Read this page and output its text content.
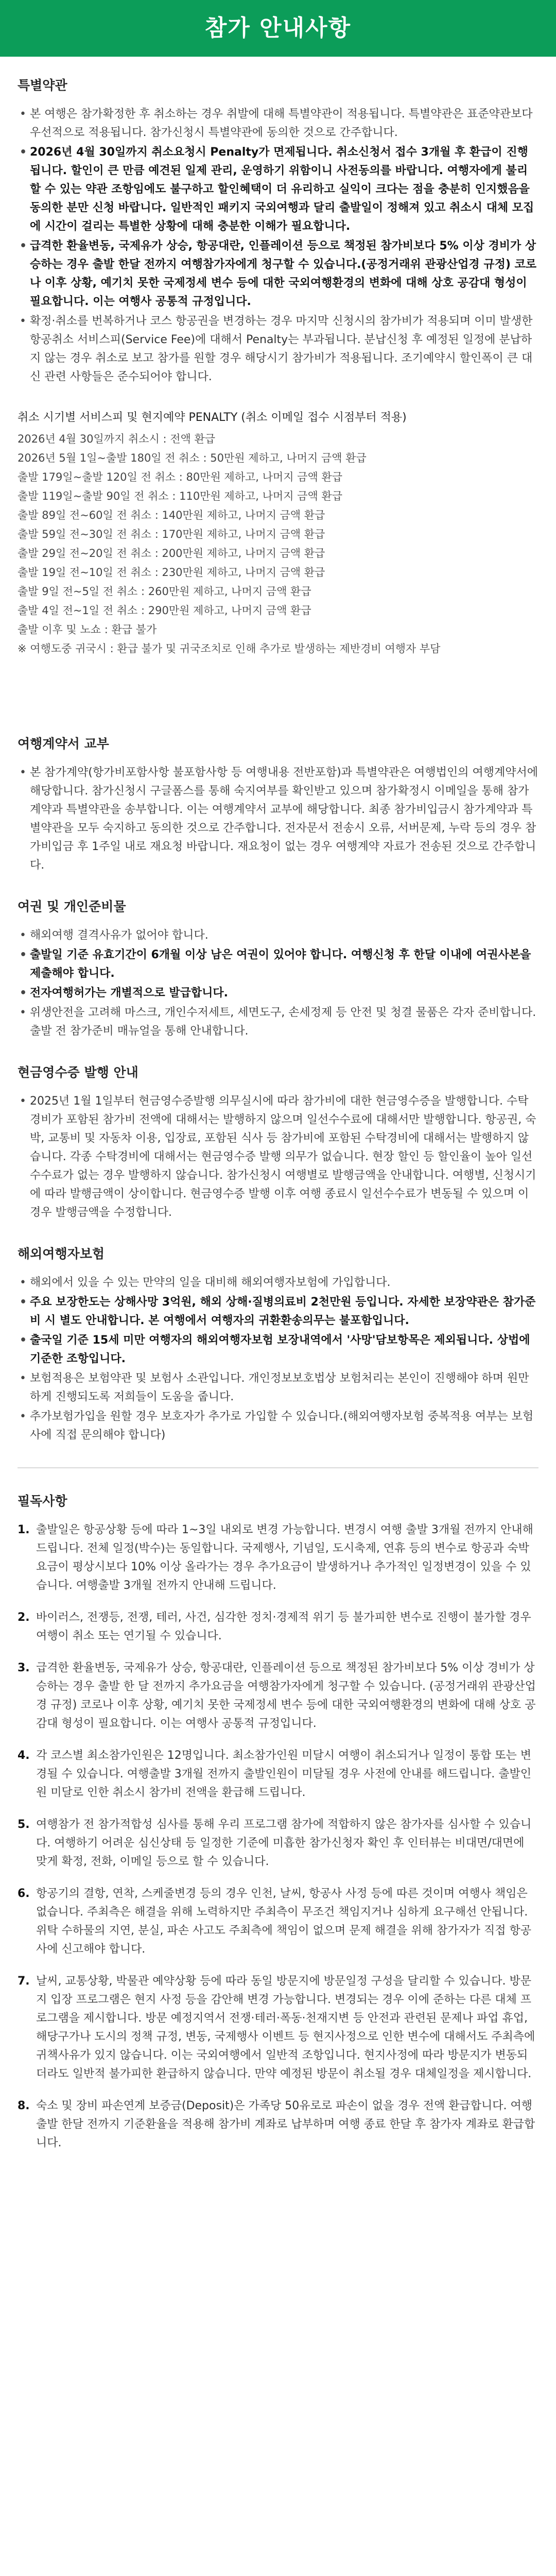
참가 안내사항
특별약관
• 본 여행은 참가확정한 후 취소하는 경우 취발에 대해 특별약관이 적용됩니다. 특별약관은 표준약관보다 우선적으로 적용됩니다. 참가신청시 특별약관에 동의한 것으로 간주합니다.
• 2026년 4월 30일까지 취소요청시 Penalty가 면제됩니다. 취소신청서 접수 3개월 후 환급이 진행됩니다. 할인이 큰 만큼 예견된 일제 관리, 운영하기 위함이니 사전동의를 바랍니다. 여행자에게 불리할 수 있는 약관 조항임에도 불구하고 할인혜택이 더 유리하고 실익이 크다는 점을 충분히 인지했음을 동의한 분만 신청 바랍니다. 일반적인 패키지 국외여행과 달리 출발일이 정해져 있고 취소시 대체 모집에 시간이 걸리는 특별한 상황에 대해 충분한 이해가 필요합니다.
• 급격한 환율변동, 국제유가 상승, 항공대란, 인플레이션 등으로 책정된 참가비보다 5% 이상 경비가 상승하는 경우 출발 한달 전까지 여행참가자에게 청구할 수 있습니다.(공정거래위 관광산업경 규정) 코로나 이후 상황, 예기치 못한 국제정세 변수 등에 대한 국외여행환경의 변화에 대해 상호 공감대 형성이 필요합니다. 이는 여행사 공통적 규정입니다.
• 확정·취소를 번복하거나 코스 항공권을 변경하는 경우 마지막 신청시의 참가비가 적용되며 이미 발생한 항공취소 서비스피(Service Fee)에 대해서 Penalty는 부과됩니다. 분납신청 후 예정된 일정에 분납하지 않는 경우 취소로 보고 참가를 원할 경우 해당시기 참가비가 적용됩니다. 조기예약시 할인폭이 큰 대신 관련 사항들은 준수되어야 합니다.
취소 시기별 서비스피 및 현지예약 PENALTY (취소 이메일 접수 시점부터 적용)
2026년 4월 30일까지 취소시 : 전액 환급
2026년 5월 1일~출발 180일 전 취소 : 50만원 제하고, 나머지 금액 환급
출발 179일~출발 120일 전 취소 : 80만원 제하고, 나머지 금액 환급
출발 119일~출발 90일 전 취소 : 110만원 제하고, 나머지 금액 환급
출발 89일 전~60일 전 취소 : 140만원 제하고, 나머지 금액 환급
출발 59일 전~30일 전 취소 : 170만원 제하고, 나머지 금액 환급
출발 29일 전~20일 전 취소 : 200만원 제하고, 나머지 금액 환급
출발 19일 전~10일 전 취소 : 230만원 제하고, 나머지 금액 환급
출발 9일 전~5일 전 취소 : 260만원 제하고, 나머지 금액 환급
출발 4일 전~1일 전 취소 : 290만원 제하고, 나머지 금액 환급
출발 이후 및 노쇼 : 환급 불가
※ 여행도중 귀국시 : 환급 불가 및 귀국조치로 인해 추가로 발생하는 제반경비 여행자 부담
여행계약서 교부
• 본 참가계약(항가비포함사항 불포함사항 등 여행내용 전반포함)과 특별약관은 여행법인의 여행계약서에 해당합니다. 참가신청시 구글폼스를 통해 숙지여부를 확인받고 있으며 참가확정시 이메일을 통해 참가계약과 특별약관을 송부합니다. 이는 여행계약서 교부에 해당합니다. 최종 참가비입금시 참가계약과 특별약관을 모두 숙지하고 동의한 것으로 간주합니다. 전자문서 전송시 오류, 서버문제, 누락 등의 경우 참가비입금 후 1주일 내로 재요청 바랍니다. 재요청이 없는 경우 여행계약 자료가 전송된 것으로 간주합니다.
여권 및 개인준비물
• 해외여행 결격사유가 없어야 합니다.
• 출발일 기준 유효기간이 6개월 이상 남은 여권이 있어야 합니다. 여행신청 후 한달 이내에 여권사본을 제출해야 합니다.
• 전자여행허가는 개별적으로 발급합니다.
• 위생안전을 고려해 마스크, 개인수저세트, 세면도구, 손세정제 등 안전 및 청결 물품은 각자 준비합니다. 출발 전 참가준비 매뉴얼을 통해 안내합니다.
현금영수증 발행 안내
• 2025년 1월 1일부터 현금영수증발행 의무실시에 따라 참가비에 대한 현금영수증을 발행합니다. 수탁경비가 포함된 참가비 전액에 대해서는 발행하지 않으며 일선수수료에 대해서만 발행합니다. 항공권, 숙박, 교통비 및 자동차 이용, 입장료, 포함된 식사 등 참가비에 포함된 수탁경비에 대해서는 발행하지 않습니다. 각종 수탁경비에 대해서는 현금영수증 발행 의무가 없습니다. 현장 할인 등 할인율이 높아 일선수수료가 없는 경우 발행하지 않습니다. 참가신청시 여행별로 발행금액을 안내합니다. 여행별, 신청시기에 따라 발행금액이 상이합니다. 현금영수증 발행 이후 여행 종료시 일선수수료가 변동될 수 있으며 이 경우 발행금액을 수정합니다.
해외여행자보험
• 해외에서 있을 수 있는 만약의 일을 대비해 해외여행자보험에 가입합니다.
• 주요 보장한도는 상해사망 3억원, 해외 상해·질병의료비 2천만원 등입니다. 자세한 보장약관은 참가준비 시 별도 안내합니다. 본 여행에서 여행자의 귀환환송의무는 불포함입니다.
• 출국일 기준 15세 미만 여행자의 해외여행자보험 보장내역에서 '사망'담보항목은 제외됩니다. 상법에 기준한 조항입니다.
• 보험적용은 보험약관 및 보험사 소관입니다. 개인정보보호법상 보험처리는 본인이 진행해야 하며 원만하게 진행되도록 저희들이 도움을 줍니다.
• 추가보험가입을 원할 경우 보호자가 추가로 가입할 수 있습니다.(해외여행자보험 중복적용 여부는 보험사에 직접 문의해야 합니다)
필독사항
1. 출발일은 항공상황 등에 따라 1~3일 내외로 변경 가능합니다. 변경시 여행 출발 3개월 전까지 안내해 드립니다. 전체 일정(박수)는 동일합니다. 국제행사, 기념일, 도시축제, 연휴 등의 변수로 항공과 숙박 요금이 평상시보다 10% 이상 올라가는 경우 추가요금이 발생하거나 추가적인 일정변경이 있을 수 있습니다. 여행출발 3개월 전까지 안내해 드립니다.
2. 바이러스, 전쟁등, 전쟁, 테러, 사건, 심각한 정치·경제적 위기 등 불가피한 변수로 진행이 불가할 경우 여행이 취소 또는 연기될 수 있습니다.
3. 급격한 환율변동, 국제유가 상승, 항공대란, 인플레이션 등으로 책정된 참가비보다 5% 이상 경비가 상승하는 경우 출발 한 달 전까지 추가요금을 여행참가자에게 청구할 수 있습니다. (공정거래위 관광산업경 규정) 코로나 이후 상황, 예기치 못한 국제정세 변수 등에 대한 국외여행환경의 변화에 대해 상호 공감대 형성이 필요합니다. 이는 여행사 공통적 규정입니다.
4. 각 코스별 최소참가인원은 12명입니다. 최소참가인원 미달시 여행이 취소되거나 일정이 통합 또는 변경될 수 있습니다. 여행출발 3개월 전까지 출발인원이 미달될 경우 사전에 안내를 해드립니다. 출발인원 미달로 인한 취소시 참가비 전액을 환급해 드립니다.
5. 여행참가 전 참가적합성 심사를 통해 우리 프로그램 참가에 적합하지 않은 참가자를 심사할 수 있습니다. 여행하기 어려운 심신상태 등 일정한 기준에 미흡한 참가신청자 확인 후 인터뷰는 비대면/대면에 맞게 확정, 전화, 이메일 등으로 할 수 있습니다.
6. 항공기의 결항, 연착, 스케줄변경 등의 경우 인천, 날씨, 항공사 사정 등에 따른 것이며 여행사 책임은 없습니다. 주최측은 해결을 위해 노력하지만 주최측이 무조건 책임지거나 심하게 요구해선 안됩니다. 위탁 수하물의 지연, 분실, 파손 사고도 주최측에 책임이 없으며 문제 해결을 위해 참가자가 직접 항공사에 신고해야 합니다.
7. 날씨, 교통상황, 박물관 예약상황 등에 따라 동일 방문지에 방문일정 구성을 달리할 수 있습니다. 방문지 입장 프로그램은 현지 사정 등을 감안해 변경 가능합니다. 변경되는 경우 이에 준하는 다른 대체 프로그램을 제시합니다. 방문 예정지역서 전쟁·테러·폭동·천재지변 등 안전과 관련된 문제나 파업 휴업, 해당구가나 도시의 정책 규정, 변동, 국제행사 이벤트 등 현지사정으로 인한 변수에 대해서도 주최측에 귀책사유가 있지 않습니다. 이는 국외여행에서 일반적 조항입니다. 현지사정에 따라 방문지가 변동되더라도 일반적 불가피한 환급하지 않습니다. 만약 예정된 방문이 취소될 경우 대체일정을 제시합니다.
8. 숙소 및 장비 파손연계 보증금(Deposit)은 가족당 50유로로 파손이 없을 경우 전액 환급합니다. 여행 출발 한달 전까지 기준환율을 적용해 참가비 계좌로 납부하며 여행 종료 한달 후 참가자 계좌로 환급합니다.
